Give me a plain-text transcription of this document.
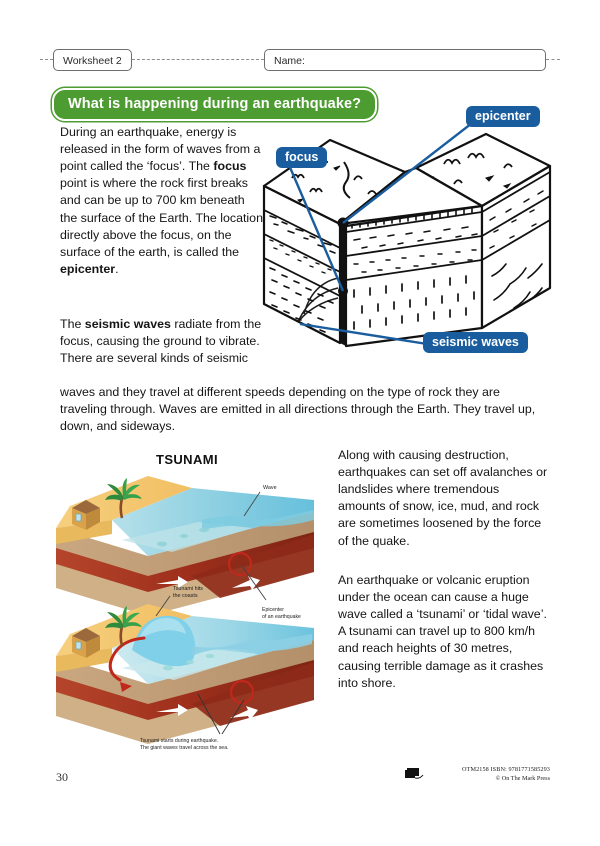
Worksheet 2	Name:
What is happening during an earthquake?
During an earthquake, energy is released in the form of waves from a point called the ‘focus’. The focus point is where the rock first breaks and can be up to 700 km beneath the surface of the Earth. The location directly above the focus, on the surface of the earth, is called the epicenter.
The seismic waves radiate from the focus, causing the ground to vibrate. There are several kinds of seismic
waves and they travel at different speeds depending on the type of rock they are traveling through. Waves are emitted in all directions through the Earth. They travel up, down, and sideways.
Along with causing destruction, earthquakes can set off avalanches or landslides where tremendous amounts of snow, ice, mud, and rock are sometimes loosened by the force of the quake.
An earthquake or volcanic eruption under the ocean can cause a huge wave called a ‘tsunami’ or ‘tidal wave’. A tsunami can travel up to 800 km/h and reach heights of 30 metres, causing terrible damage as it crashes into shore.
epicenter
focus
seismic waves
TSUNAMI
Wave
Epicenter
of an earthquake
Tsunami hits
the coasts
Tsunami starts during earthquake.
The giant waves travel across the sea.
30
OTM2158 ISBN: 9781771585293
© On The Mark Press
